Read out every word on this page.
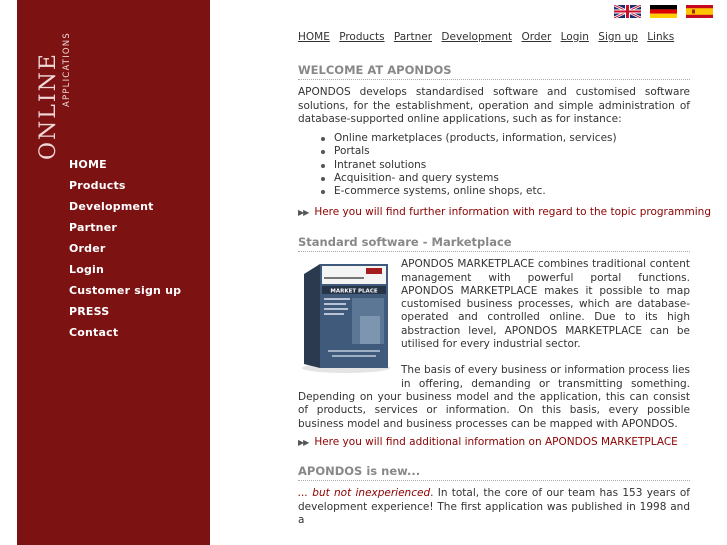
ONLINE APPLICATIONS
HOME
Products
Development
Partner
Order
Login
Customer sign up
PRESS
Contact

HOME Products Partner Development Order Login Sign up Links
WELCOME AT APONDOS

APONDOS develops standardised software and customised software solutions, for the establishment, operation and simple administration of database-supported online applications, such as for instance:

Online marketplaces (products, information, services)
Portals
Intranet solutions
Acquisition- and query systems
E-commerce systems, online shops, etc.
▶▶ Here you will find further information with regard to the topic programming
Standard software - Marketplace
MARKET PLACE

APONDOS MARKETPLACE combines traditional content management with powerful portal functions. APONDOS MARKETPLACE makes it possible to map customised business processes, which are database-operated and controlled online. Due to its high abstraction level, APONDOS MARKETPLACE can be utilised for every industrial sector.

The basis of every business or information process lies in offering, demanding or transmitting something. Depending on your business model and the application, this can consist of products, services or information. On this basis, every possible business model and business processes can be mapped with APONDOS.

▶▶ Here you will find additional information on APONDOS MARKETPLACE
APONDOS is new...

... but not inexperienced. In total, the core of our team has 153 years of development experience! The first application was published in 1998 and a
